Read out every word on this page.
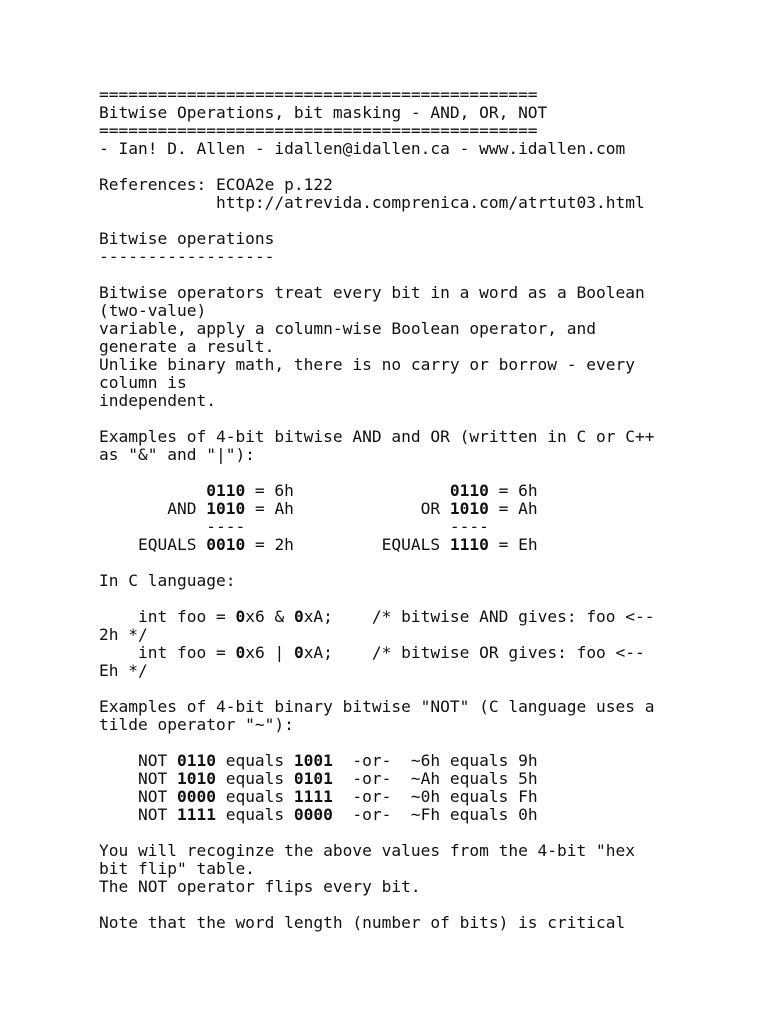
=============================================
Bitwise Operations, bit masking - AND, OR, NOT
=============================================
- Ian! D. Allen - idallen@idallen.ca - www.idallen.com
References: ECOA2e p.122
http://atrevida.comprenica.com/atrtut03.html
Bitwise operations
------------------
Bitwise operators treat every bit in a word as a Boolean
(two-value)
variable, apply a column-wise Boolean operator, and
generate a result.
Unlike binary math, there is no carry or borrow - every
column is
independent.
Examples of 4-bit bitwise AND and OR (written in C or C++
as "&" and "|"):
0110 = 6h	0110 = 6h
AND 1010 = Ah	OR 1010 = Ah
----	----
EQUALS 0010 = 2h	EQUALS 1110 = Eh
In C language:
int foo = 0x6 & 0xA;    /* bitwise AND gives: foo <--
2h */
int foo = 0x6 | 0xA;    /* bitwise OR gives: foo <--
Eh */
Examples of 4-bit binary bitwise "NOT" (C language uses a
tilde operator "~"):
NOT 0110 equals 1001  -or-  ~6h equals 9h
NOT 1010 equals 0101  -or-  ~Ah equals 5h
NOT 0000 equals 1111  -or-  ~0h equals Fh
NOT 1111 equals 0000  -or-  ~Fh equals 0h
You will recoginze the above values from the 4-bit "hex
bit flip" table.
The NOT operator flips every bit.
Note that the word length (number of bits) is critical
